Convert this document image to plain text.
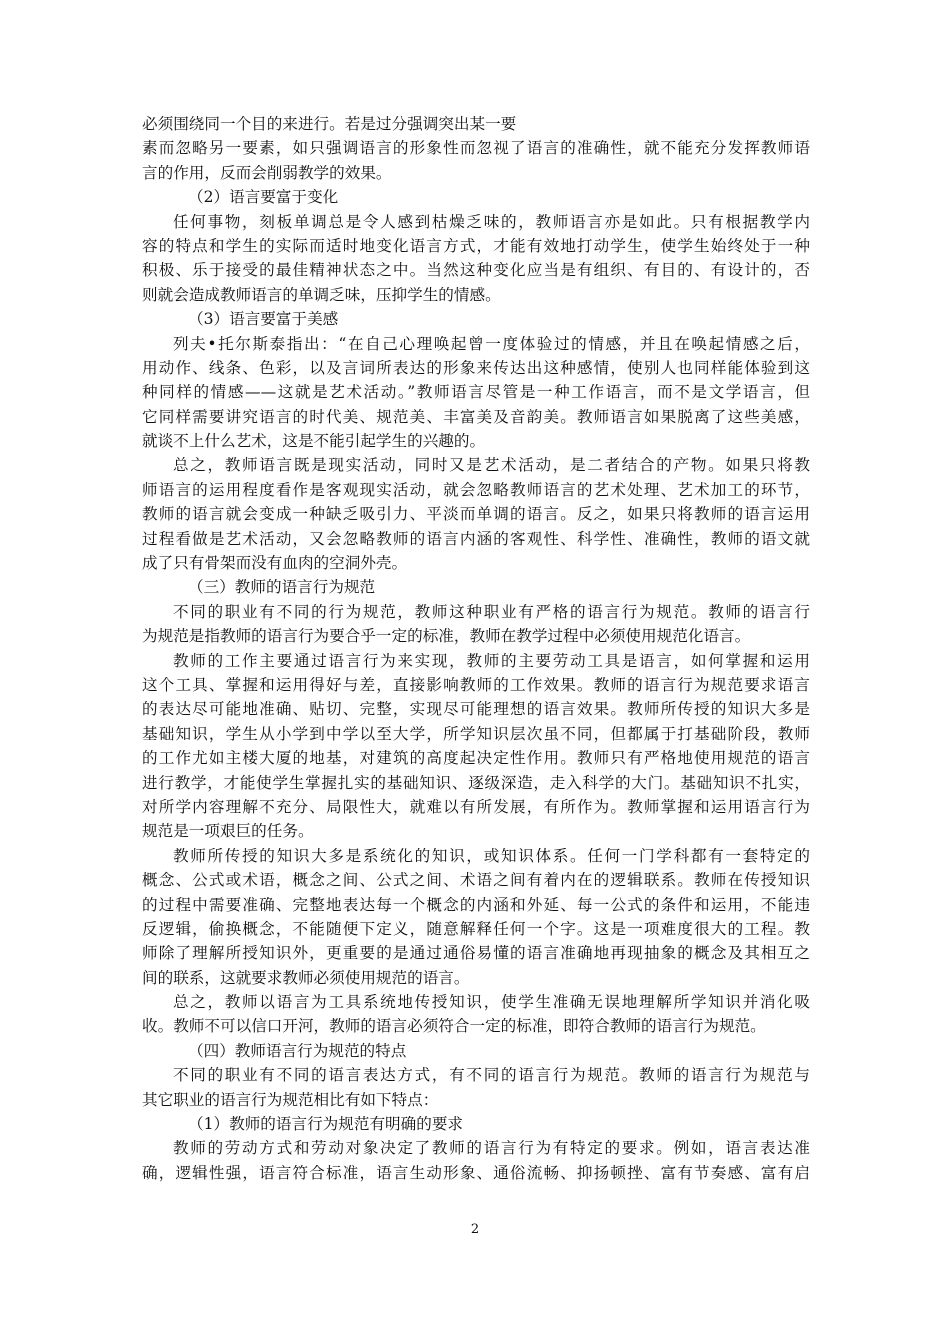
必须围绕同一个目的来进行。若是过分强调突出某一要
素而忽略另一要素，如只强调语言的形象性而忽视了语言的准确性，就不能充分发挥教师语
言的作用，反而会削弱教学的效果。
（2）语言要富于变化
任何事物，刻板单调总是令人感到枯燥乏味的，教师语言亦是如此。只有根据教学内
容的特点和学生的实际而适时地变化语言方式，才能有效地打动学生，使学生始终处于一种
积极、乐于接受的最佳精神状态之中。当然这种变化应当是有组织、有目的、有设计的，否
则就会造成教师语言的单调乏味，压抑学生的情感。
（3）语言要富于美感
列夫•托尔斯泰指出：“在自己心理唤起曾一度体验过的情感，并且在唤起情感之后，
用动作、线条、色彩，以及言词所表达的形象来传达出这种感情，使别人也同样能体验到这
种同样的情感——这就是艺术活动。”教师语言尽管是一种工作语言，而不是文学语言，但
它同样需要讲究语言的时代美、规范美、丰富美及音韵美。教师语言如果脱离了这些美感，
就谈不上什么艺术，这是不能引起学生的兴趣的。
总之，教师语言既是现实活动，同时又是艺术活动，是二者结合的产物。如果只将教
师语言的运用程度看作是客观现实活动，就会忽略教师语言的艺术处理、艺术加工的环节，
教师的语言就会变成一种缺乏吸引力、平淡而单调的语言。反之，如果只将教师的语言运用
过程看做是艺术活动，又会忽略教师的语言内涵的客观性、科学性、准确性，教师的语文就
成了只有骨架而没有血肉的空洞外壳。
（三）教师的语言行为规范
不同的职业有不同的行为规范，教师这种职业有严格的语言行为规范。教师的语言行
为规范是指教师的语言行为要合乎一定的标准，教师在教学过程中必须使用规范化语言。
教师的工作主要通过语言行为来实现，教师的主要劳动工具是语言，如何掌握和运用
这个工具、掌握和运用得好与差，直接影响教师的工作效果。教师的语言行为规范要求语言
的表达尽可能地准确、贴切、完整，实现尽可能理想的语言效果。教师所传授的知识大多是
基础知识，学生从小学到中学以至大学，所学知识层次虽不同，但都属于打基础阶段，教师
的工作尤如主楼大厦的地基，对建筑的高度起决定性作用。教师只有严格地使用规范的语言
进行教学，才能使学生掌握扎实的基础知识、逐级深造，走入科学的大门。基础知识不扎实，
对所学内容理解不充分、局限性大，就难以有所发展，有所作为。教师掌握和运用语言行为
规范是一项艰巨的任务。
教师所传授的知识大多是系统化的知识，或知识体系。任何一门学科都有一套特定的
概念、公式或术语，概念之间、公式之间、术语之间有着内在的逻辑联系。教师在传授知识
的过程中需要准确、完整地表达每一个概念的内涵和外延、每一公式的条件和运用，不能违
反逻辑，偷换概念，不能随便下定义，随意解释任何一个字。这是一项难度很大的工程。教
师除了理解所授知识外，更重要的是通过通俗易懂的语言准确地再现抽象的概念及其相互之
间的联系，这就要求教师必须使用规范的语言。
总之，教师以语言为工具系统地传授知识，使学生准确无误地理解所学知识并消化吸
收。教师不可以信口开河，教师的语言必须符合一定的标准，即符合教师的语言行为规范。
（四）教师语言行为规范的特点
不同的职业有不同的语言表达方式，有不同的语言行为规范。教师的语言行为规范与
其它职业的语言行为规范相比有如下特点：
（1）教师的语言行为规范有明确的要求
教师的劳动方式和劳动对象决定了教师的语言行为有特定的要求。例如，语言表达准
确，逻辑性强，语言符合标准，语言生动形象、通俗流畅、抑扬顿挫、富有节奏感、富有启
2
